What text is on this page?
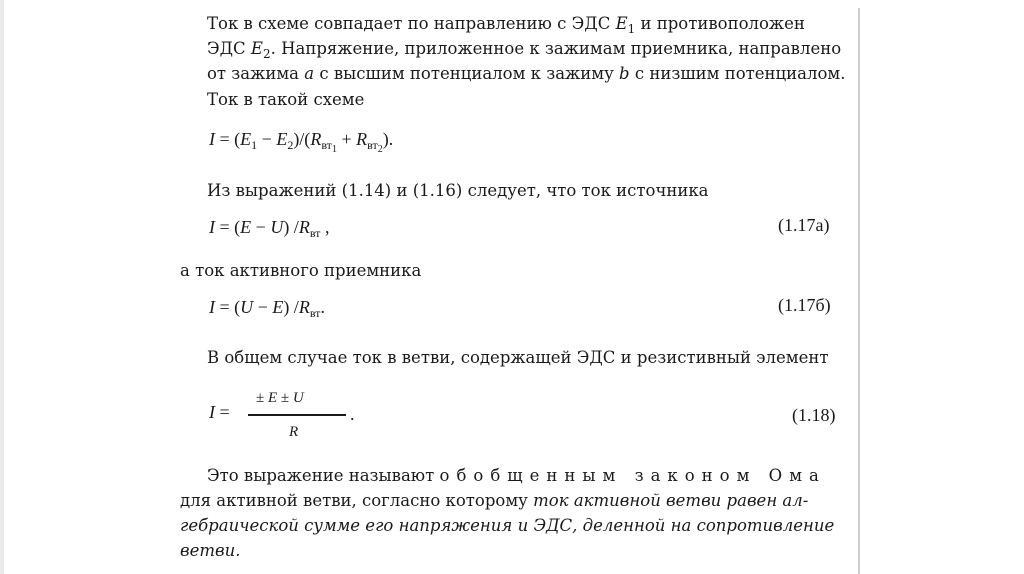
Ток в схеме совпадает по направлению с ЭДС $E_1$ и противоположен
ЭДС $E_2$. Напряжение, приложенное к зажимам приемника, направлено
от зажима a с высшим потенциалом к зажиму b с низшим потенциалом.
Ток в такой схеме
$I = (E_1 - E_2)/(R_{вт_1} + R_{вт_2})$.
Из выражений (1.14) и (1.16) следует, что ток источника
I = (E − U) $/R_{вт}$ ,	(1.17а)
а ток активного приемника
I = (U − E) $/R_{вт}$.	(1.17б)
В общем случае ток в ветви, содержащей ЭДС и резистивный элемент
I =
± E ± U
R
.	(1.18)
Это выражение называют обобщенным законом Ома
для активной ветви, согласно которому ток активной ветви равен ал-
гебраической сумме его напряжения и ЭДС, деленной на сопротивление
ветви.
